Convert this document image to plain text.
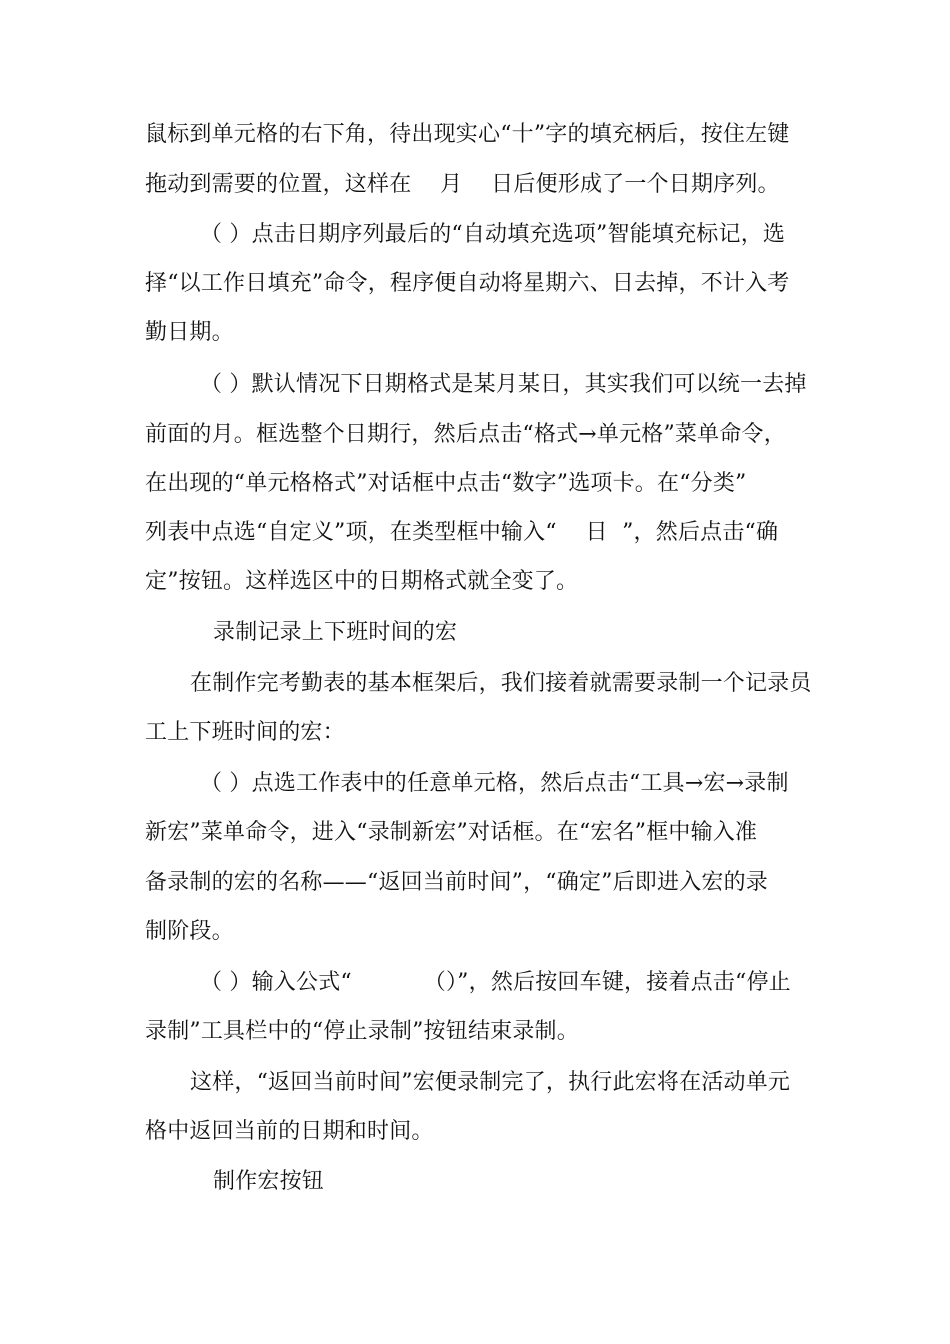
鼠标到单元格的右下角，待出现实心“十”字的填充柄后，按住左键
拖动到需要的位置，这样在    月    日后便形成了一个日期序列。
（ ）点击日期序列最后的“自动填充选项”智能填充标记，选
择“以工作日填充”命令，程序便自动将星期六、日去掉，不计入考
勤日期。
（ ）默认情况下日期格式是某月某日，其实我们可以统一去掉
前面的月。框选整个日期行，然后点击“格式→单元格”菜单命令，
在出现的“单元格格式”对话框中点击“数字”选项卡。在“分类”
列表中点选“自定义”项，在类型框中输入“    日  ”，然后点击“确
定”按钮。这样选区中的日期格式就全变了。
录制记录上下班时间的宏
在制作完考勤表的基本框架后，我们接着就需要录制一个记录员
工上下班时间的宏：
（ ）点选工作表中的任意单元格，然后点击“工具→宏→录制
新宏”菜单命令，进入“录制新宏”对话框。在“宏名”框中输入准
备录制的宏的名称——“返回当前时间”，“确定”后即进入宏的录
制阶段。
（ ）输入公式“          （）”，然后按回车键，接着点击“停止
录制”工具栏中的“停止录制”按钮结束录制。
这样，“返回当前时间”宏便录制完了，执行此宏将在活动单元
格中返回当前的日期和时间。
制作宏按钮
